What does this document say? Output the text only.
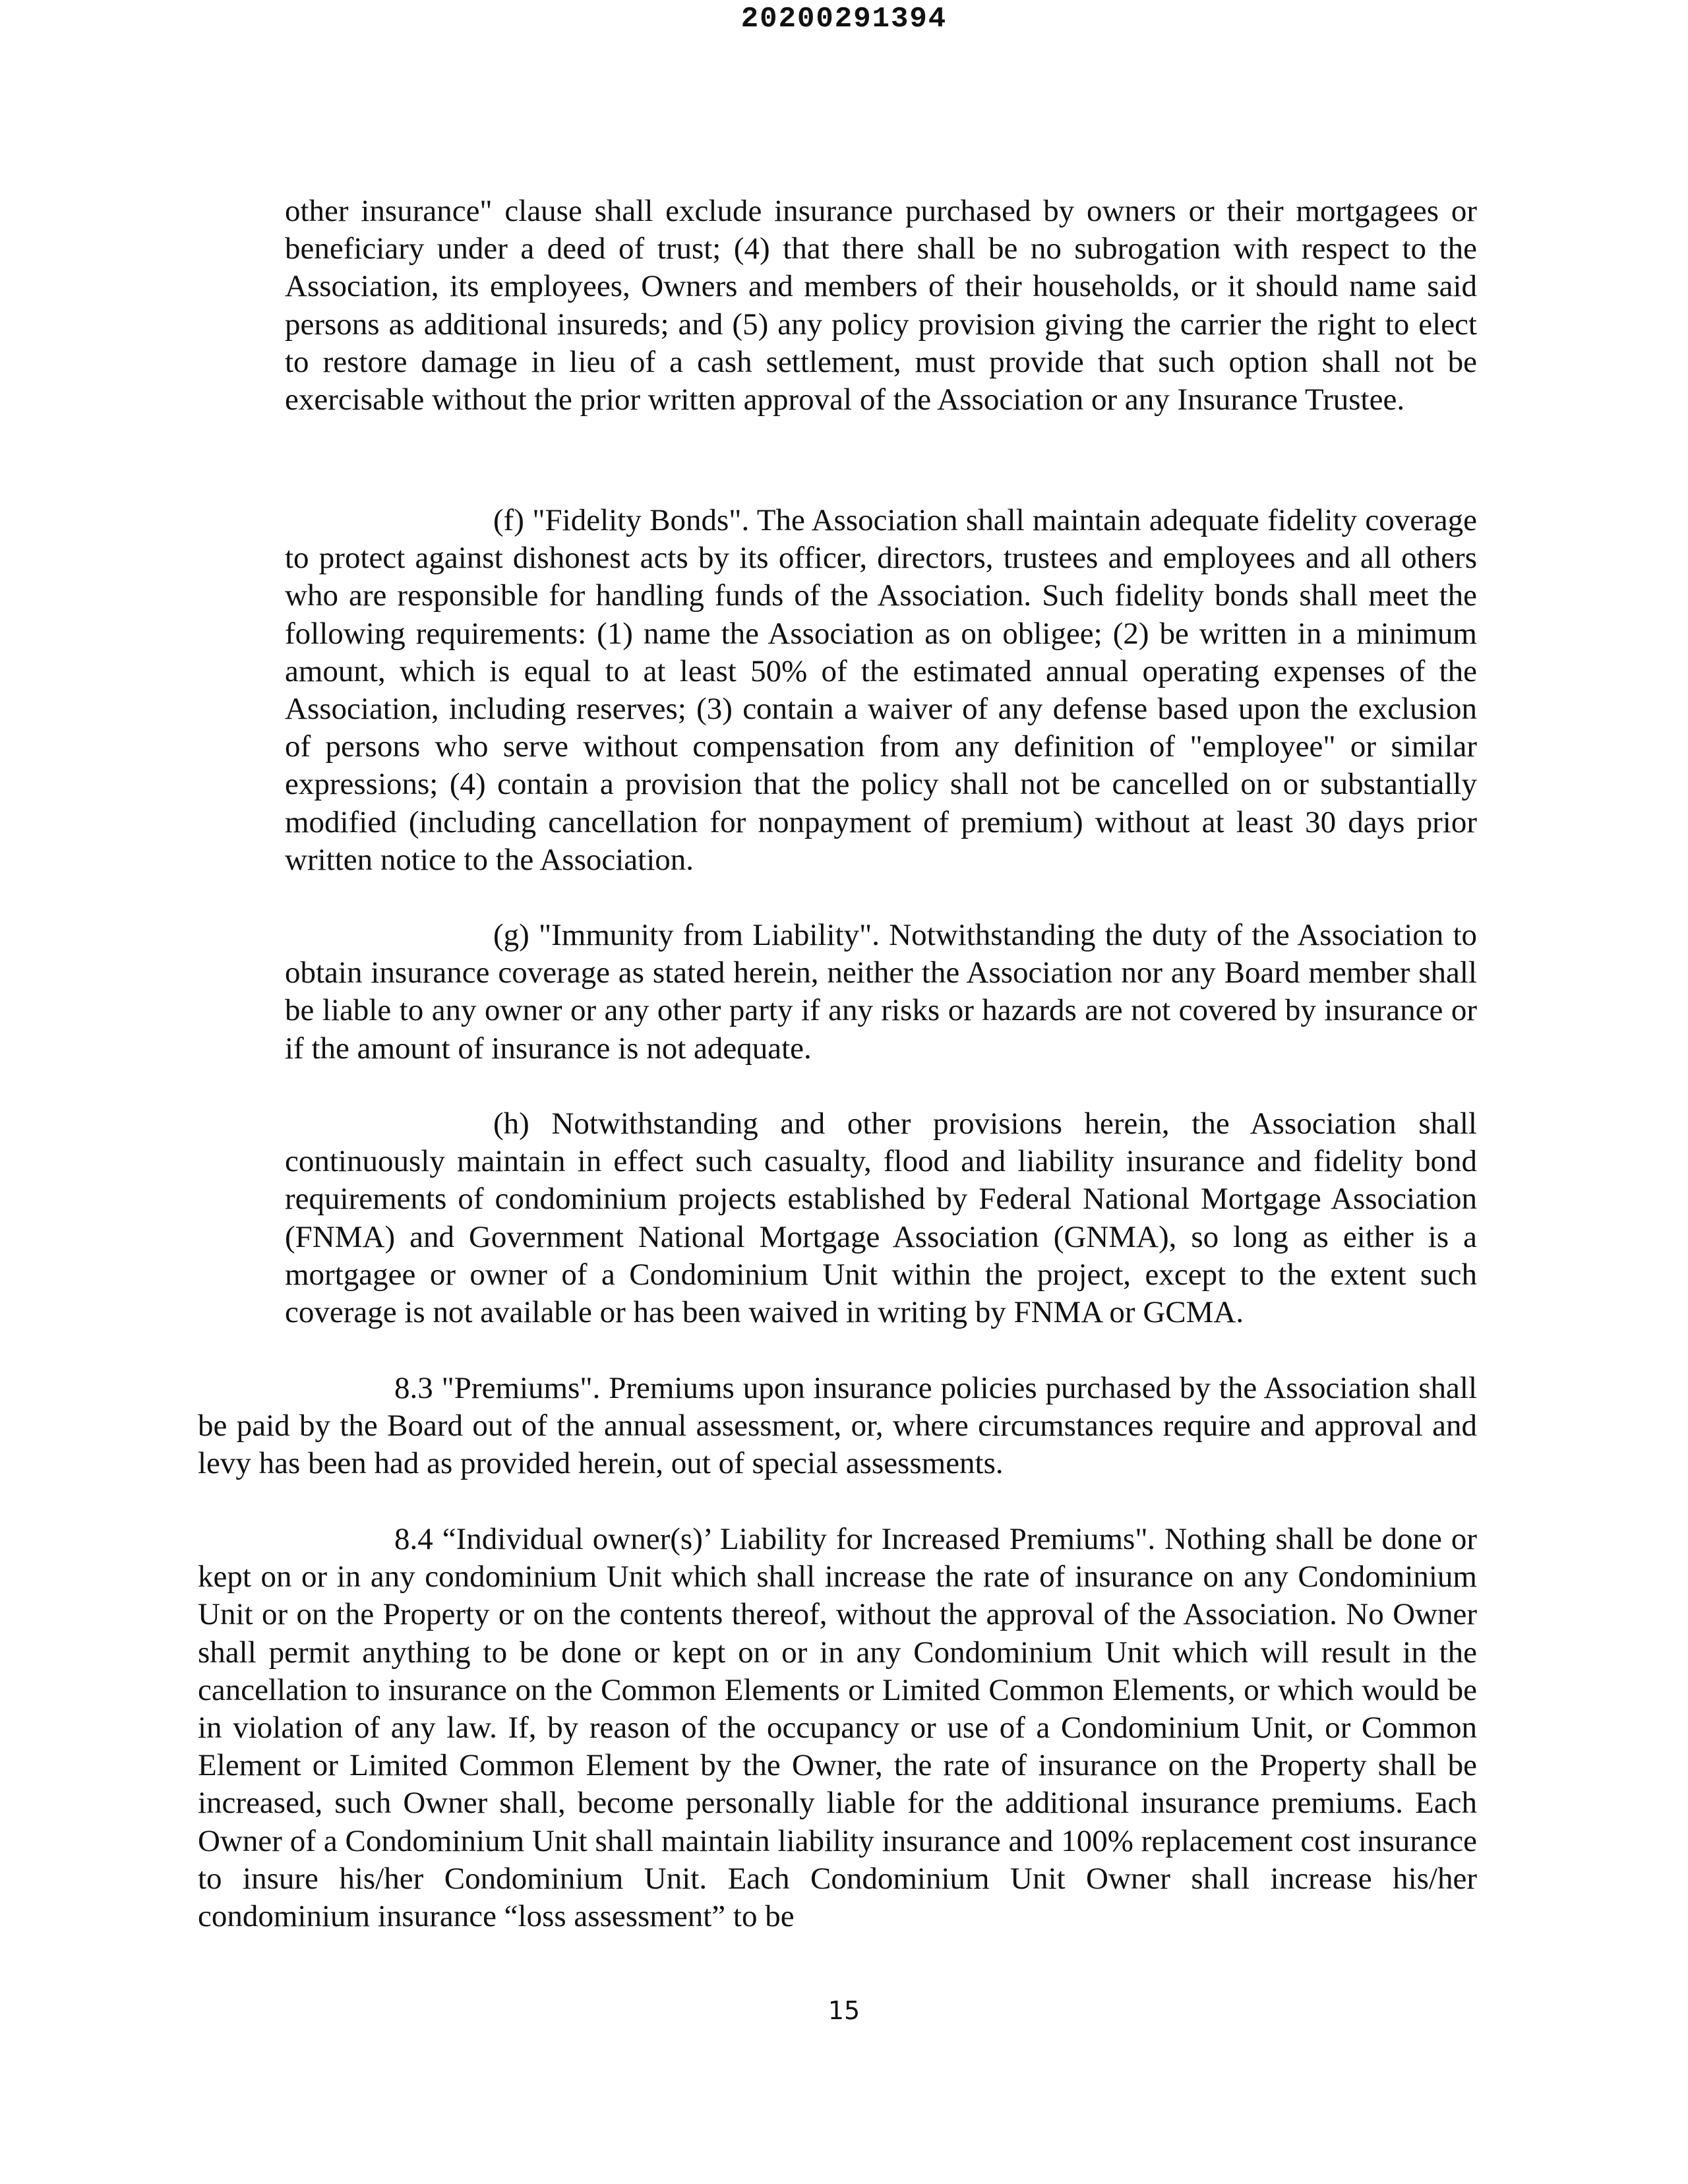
20200291394

other insurance" clause shall exclude insurance purchased by owners or their mortgagees or beneficiary under a deed of trust; (4) that there shall be no subrogation with respect to the Association, its employees, Owners and members of their households, or it should name said persons as additional insureds; and (5) any policy provision giving the carrier the right to elect to restore damage in lieu of a cash settlement, must provide that such option shall not be exercisable without the prior written approval of the Association or any Insurance Trustee.

(f) "Fidelity Bonds". The Association shall maintain adequate fidelity coverage to protect against dishonest acts by its officer, directors, trustees and employees and all others who are responsible for handling funds of the Association. Such fidelity bonds shall meet the following requirements: (1) name the Association as on obligee; (2) be written in a minimum amount, which is equal to at least 50% of the estimated annual operating expenses of the Association, including reserves; (3) contain a waiver of any defense based upon the exclusion of persons who serve without compensation from any definition of "employee" or similar expressions; (4) contain a provision that the policy shall not be cancelled on or substantially modified (including cancellation for nonpayment of premium) without at least 30 days prior written notice to the Association.

(g) "Immunity from Liability". Notwithstanding the duty of the Association to obtain insurance coverage as stated herein, neither the Association nor any Board member shall be liable to any owner or any other party if any risks or hazards are not covered by insurance or if the amount of insurance is not adequate.

(h) Notwithstanding and other provisions herein, the Association shall continuously maintain in effect such casualty, flood and liability insurance and fidelity bond requirements of condominium projects established by Federal National Mortgage Association (FNMA) and Government National Mortgage Association (GNMA), so long as either is a mortgagee or owner of a Condominium Unit within the project, except to the extent such coverage is not available or has been waived in writing by FNMA or GCMA.

8.3 "Premiums". Premiums upon insurance policies purchased by the Association shall be paid by the Board out of the annual assessment, or, where circumstances require and approval and levy has been had as provided herein, out of special assessments.

8.4 “Individual owner(s)’ Liability for Increased Premiums". Nothing shall be done or kept on or in any condominium Unit which shall increase the rate of insurance on any Condominium Unit or on the Property or on the contents thereof, without the approval of the Association. No Owner shall permit anything to be done or kept on or in any Condominium Unit which will result in the cancellation to insurance on the Common Elements or Limited Common Elements, or which would be in violation of any law. If, by reason of the occupancy or use of a Condominium Unit, or Common Element or Limited Common Element by the Owner, the rate of insurance on the Property shall be increased, such Owner shall, become personally liable for the additional insurance premiums. Each Owner of a Condominium Unit shall maintain liability insurance and 100% replacement cost insurance to insure his/her Condominium Unit. Each Condominium Unit Owner shall increase his/her condominium insurance “loss assessment” to be

15
